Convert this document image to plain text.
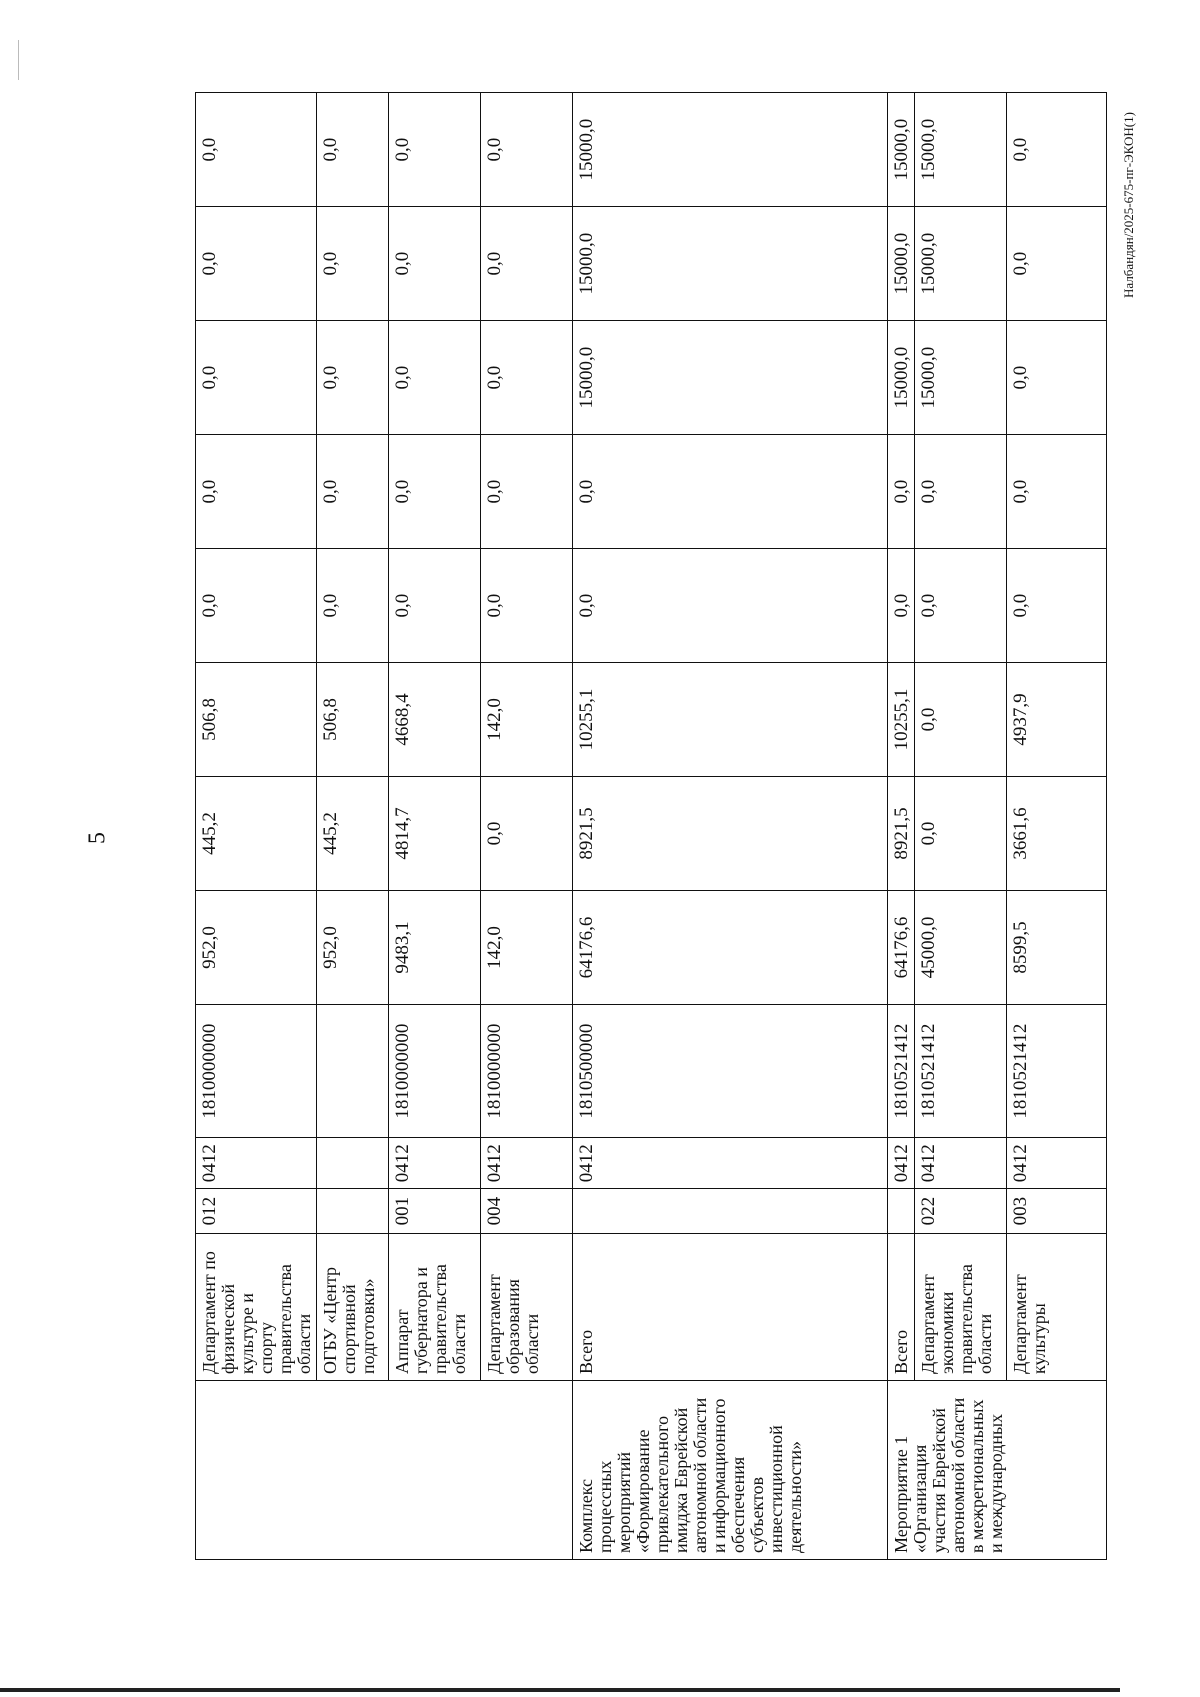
5
Налбандян/2025-675-пг-ЭКОН(1)
	Департамент по физической культуре и спорту правительства области	012	0412	1810000000	952,0	445,2	506,8	0,0	0,0	0,0	0,0	0,0
	ОГБУ «Центр спортивной подготовки»				952,0	445,2	506,8	0,0	0,0	0,0	0,0	0,0
	Аппарат губернатора и правительства области	001	0412	1810000000	9483,1	4814,7	4668,4	0,0	0,0	0,0	0,0	0,0
	Департамент образования области	004	0412	1810000000	142,0	0,0	142,0	0,0	0,0	0,0	0,0	0,0
Комплекс процессных мероприятий «Формирование привлекательного имиджа Еврейской автономной области и информационного обеспечения субъектов инвестиционной деятельности»	Всего		0412	1810500000	64176,6	8921,5	10255,1	0,0	0,0	15000,0	15000,0	15000,0
Мероприятие 1 «Организация участия Еврейской автономной области в межрегиональных и международных	Всего		0412	1810521412	64176,6	8921,5	10255,1	0,0	0,0	15000,0	15000,0	15000,0
	Департамент экономики правительства области	022	0412	1810521412	45000,0	0,0	0,0	0,0	0,0	15000,0	15000,0	15000,0
	Департамент культуры	003	0412	1810521412	8599,5	3661,6	4937,9	0,0	0,0	0,0	0,0	0,0
